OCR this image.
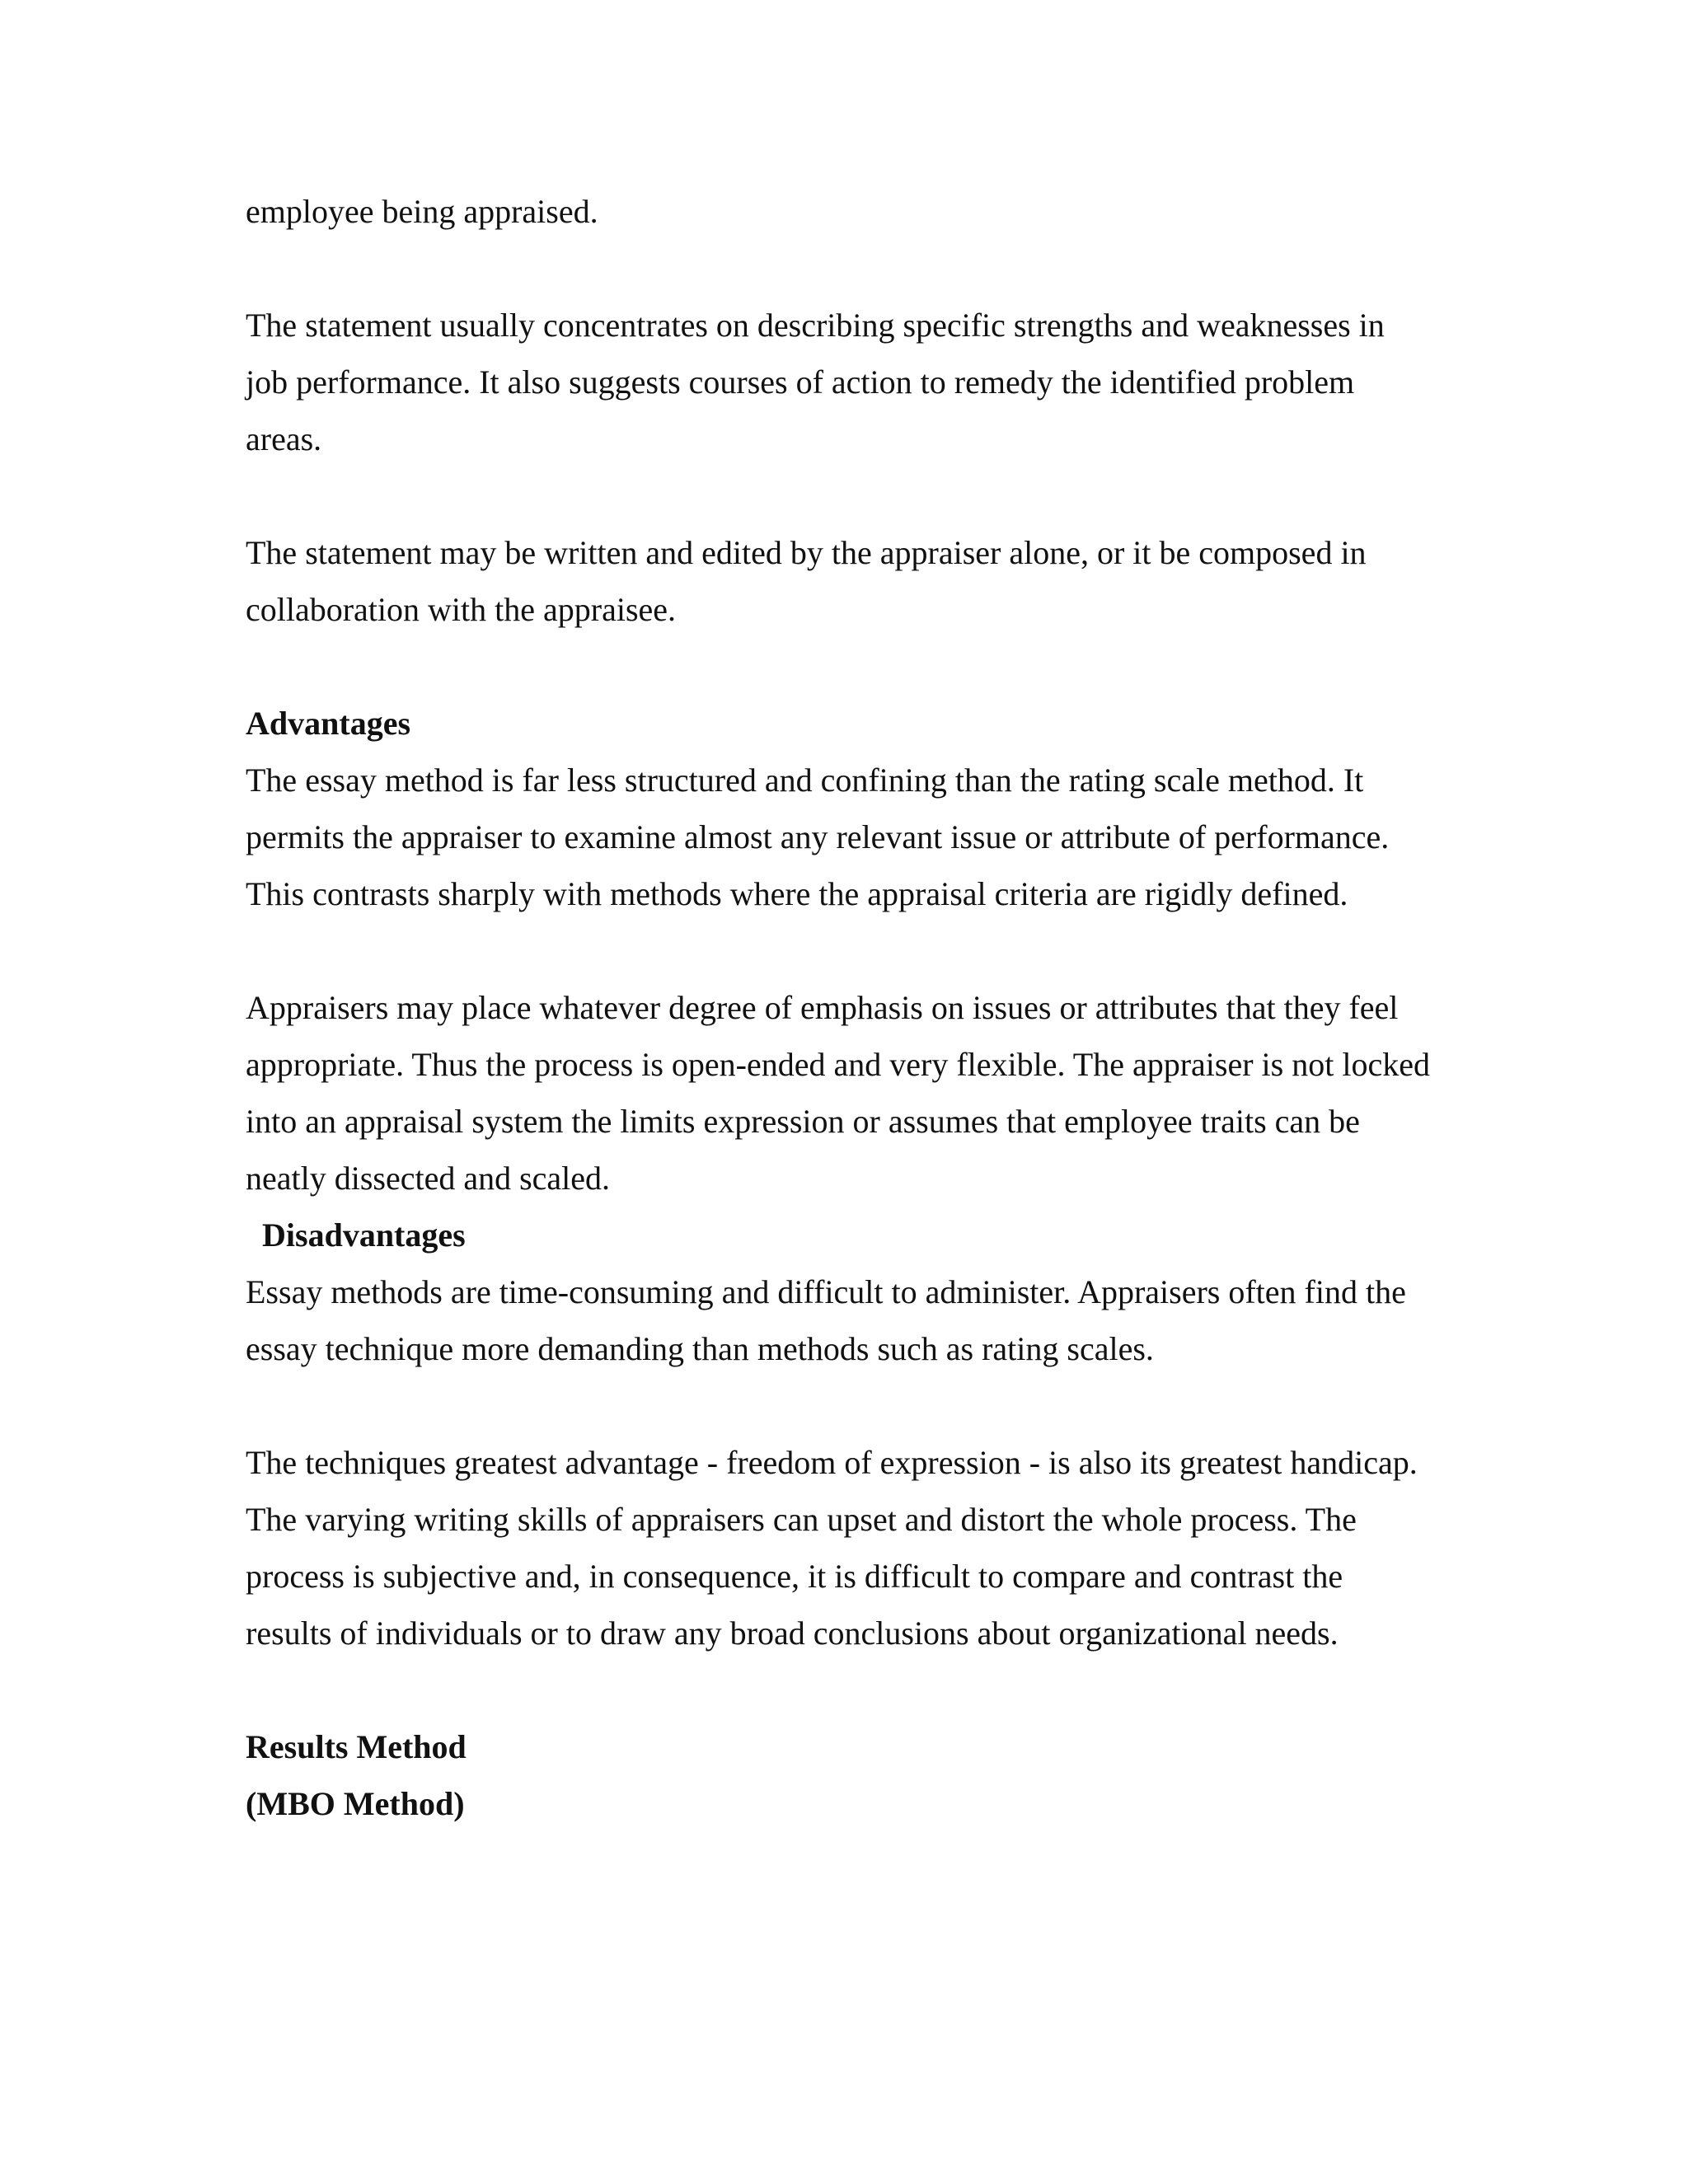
employee being appraised.

The statement usually concentrates on describing specific strengths and weaknesses in
job performance. It also suggests courses of action to remedy the identified problem
areas.

The statement may be written and edited by the appraiser alone, or it be composed in
collaboration with the appraisee.

Advantages

The essay method is far less structured and confining than the rating scale method. It
permits the appraiser to examine almost any relevant issue or attribute of performance.
This contrasts sharply with methods where the appraisal criteria are rigidly defined.

Appraisers may place whatever degree of emphasis on issues or attributes that they feel
appropriate. Thus the process is open-ended and very flexible. The appraiser is not locked
into an appraisal system the limits expression or assumes that employee traits can be
neatly dissected and scaled.

Disadvantages

Essay methods are time-consuming and difficult to administer. Appraisers often find the
essay technique more demanding than methods such as rating scales.

The techniques greatest advantage - freedom of expression - is also its greatest handicap.
The varying writing skills of appraisers can upset and distort the whole process. The
process is subjective and, in consequence, it is difficult to compare and contrast the
results of individuals or to draw any broad conclusions about organizational needs.

Results Method

(MBO Method)
